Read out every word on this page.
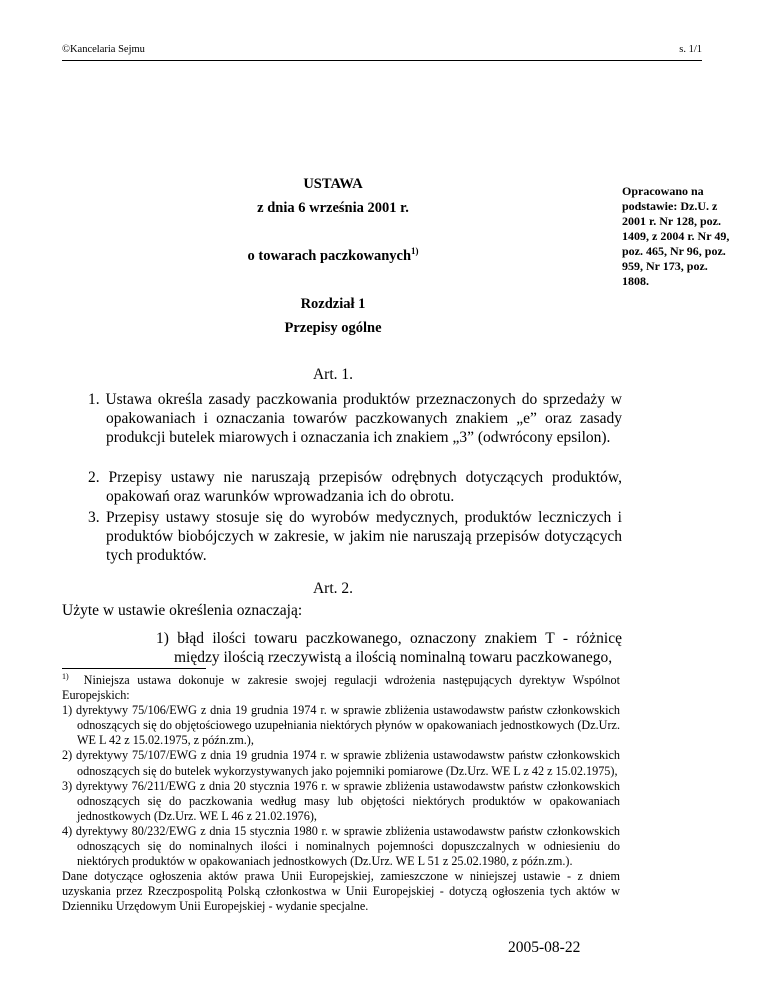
©Kancelaria Sejmu	s. 1/1
USTAWA
z dnia 6 września 2001 r.
o towarach paczkowanych$^{1)}$
Opracowano na podstawie: Dz.U. z 2001 r. Nr 128, poz. 1409, z 2004 r. Nr 49, poz. 465, Nr 96, poz. 959, Nr 173, poz. 1808.
Rozdział 1
Przepisy ogólne
Art. 1.
1. Ustawa określa zasady paczkowania produktów przeznaczonych do sprzedaży w opakowaniach i oznaczania towarów paczkowanych znakiem „e” oraz zasady produkcji butelek miarowych i oznaczania ich znakiem „3” (odwrócony epsilon).
2. Przepisy ustawy nie naruszają przepisów odrębnych dotyczących produktów, opakowań oraz warunków wprowadzania ich do obrotu.
3. Przepisy ustawy stosuje się do wyrobów medycznych, produktów leczniczych i produktów biobójczych w zakresie, w jakim nie naruszają przepisów dotyczących tych produktów.
Art. 2.
Użyte w ustawie określenia oznaczają:
1) błąd ilości towaru paczkowanego, oznaczony znakiem T - różnicę między ilością rzeczywistą a ilością nominalną towaru paczkowanego,

$^{1)}$ Niniejsza ustawa dokonuje w zakresie swojej regulacji wdrożenia następujących dyrektyw Wspólnot Europejskich:

1) dyrektywy 75/106/EWG z dnia 19 grudnia 1974 r. w sprawie zbliżenia ustawodawstw państw członkowskich odnoszących się do objętościowego uzupełniania niektórych płynów w opakowaniach jednostkowych (Dz.Urz. WE L 42 z 15.02.1975, z późn.zm.),

2) dyrektywy 75/107/EWG z dnia 19 grudnia 1974 r. w sprawie zbliżenia ustawodawstw państw członkowskich odnoszących się do butelek wykorzystywanych jako pojemniki pomiarowe (Dz.Urz. WE L z 42 z 15.02.1975),

3) dyrektywy 76/211/EWG z dnia 20 stycznia 1976 r. w sprawie zbliżenia ustawodawstw państw członkowskich odnoszących się do paczkowania według masy lub objętości niektórych produktów w opakowaniach jednostkowych (Dz.Urz. WE L 46 z 21.02.1976),

4) dyrektywy 80/232/EWG z dnia 15 stycznia 1980 r. w sprawie zbliżenia ustawodawstw państw członkowskich odnoszących się do nominalnych ilości i nominalnych pojemności dopuszczalnych w odniesieniu do niektórych produktów w opakowaniach jednostkowych (Dz.Urz. WE L 51 z 25.02.1980, z późn.zm.).

Dane dotyczące ogłoszenia aktów prawa Unii Europejskiej, zamieszczone w niniejszej ustawie - z dniem uzyskania przez Rzeczpospolitą Polską członkostwa w Unii Europejskiej - dotyczą ogłoszenia tych aktów w Dzienniku Urzędowym Unii Europejskiej - wydanie specjalne.

2005-08-22
